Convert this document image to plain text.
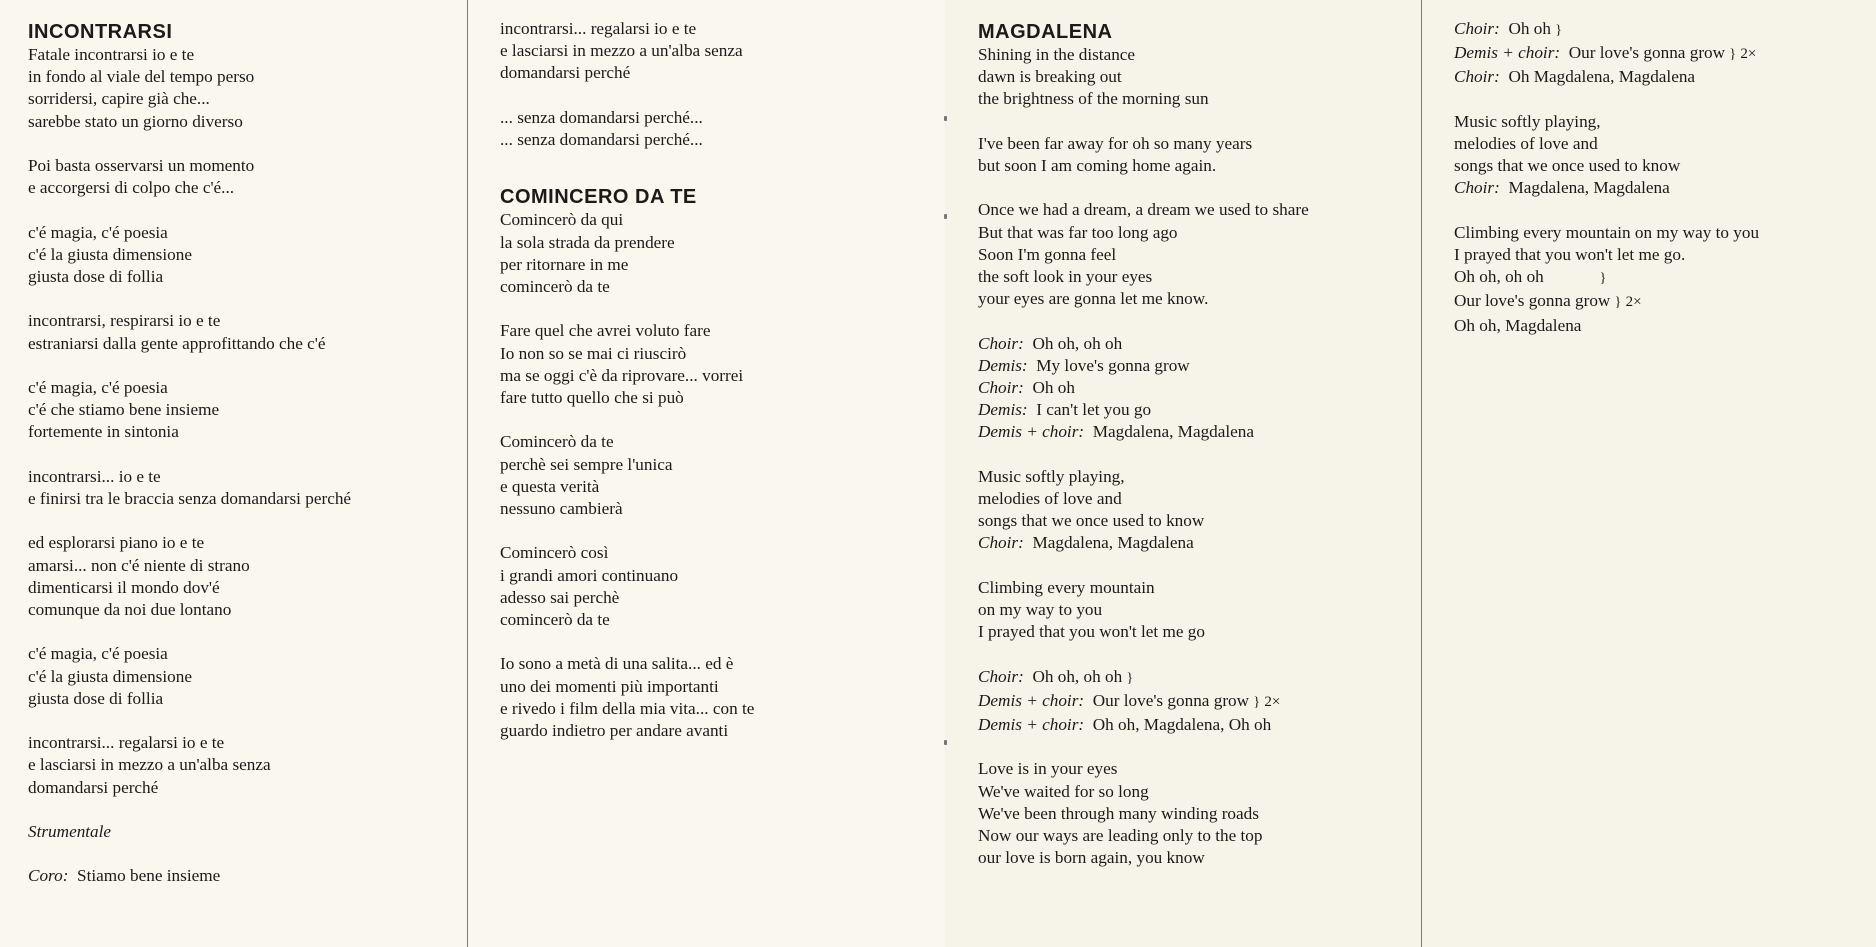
INCONTRARSI
Fatale incontrarsi io e te
in fondo al viale del tempo perso
sorridersi, capire già che...
sarebbe stato un giorno diverso
Poi basta osservarsi un momento
e accorgersi di colpo che c'é...
c'é magia, c'é poesia
c'é la giusta dimensione
giusta dose di follia
incontrarsi, respirarsi io e te
estraniarsi dalla gente approfittando che c'é
c'é magia, c'é poesia
c'é che stiamo bene insieme
fortemente in sintonia
incontrarsi... io e te
e finirsi tra le braccia senza domandarsi perché
ed esplorarsi piano io e te
amarsi... non c'é niente di strano
dimenticarsi il mondo dov'é
comunque da noi due lontano
c'é magia, c'é poesia
c'é la giusta dimensione
giusta dose di follia
incontrarsi... regalarsi io e te
e lasciarsi in mezzo a un'alba senza
domandarsi perché
Strumentale
Coro: Stiamo bene insieme
incontrarsi... regalarsi io e te
e lasciarsi in mezzo a un'alba senza
domandarsi perché
... senza domandarsi perché...
... senza domandarsi perché...
COMINCERO DA TE
Comincerò da qui
la sola strada da prendere
per ritornare in me
comincerò da te
Fare quel che avrei voluto fare
Io non so se mai ci riuscirò
ma se oggi c'è da riprovare... vorrei
fare tutto quello che si può
Comincerò da te
perchè sei sempre l'unica
e questa verità
nessuno cambierà
Comincerò così
i grandi amori continuano
adesso sai perchè
comincerò da te
Io sono a metà di una salita... ed è
uno dei momenti più importanti
e rivedo i film della mia vita... con te
guardo indietro per andare avanti
MAGDALENA
Shining in the distance
dawn is breaking out
the brightness of the morning sun
I've been far away for oh so many years
but soon I am coming home again.
Once we had a dream, a dream we used to share
But that was far too long ago
Soon I'm gonna feel
the soft look in your eyes
your eyes are gonna let me know.
Choir: Oh oh, oh oh
Demis: My love's gonna grow
Choir: Oh oh
Demis: I can't let you go
Demis + choir: Magdalena, Magdalena
Music softly playing,
melodies of love and
songs that we once used to know
Choir: Magdalena, Magdalena
Climbing every mountain
on my way to you
I prayed that you won't let me go
Choir: Oh oh, oh oh }
Demis + choir: Our love's gonna grow } 2×
Demis + choir: Oh oh, Magdalena, Oh oh
Love is in your eyes
We've waited for so long
We've been through many winding roads
Now our ways are leading only to the top
our love is born again, you know
Choir: Oh oh }
Demis + choir: Our love's gonna grow } 2×
Choir: Oh Magdalena, Magdalena
Music softly playing,
melodies of love and
songs that we once used to know
Choir: Magdalena, Magdalena
Climbing every mountain on my way to you
I prayed that you won't let me go.
Oh oh, oh oh	}
Our love's gonna grow } 2×
Oh oh, Magdalena
